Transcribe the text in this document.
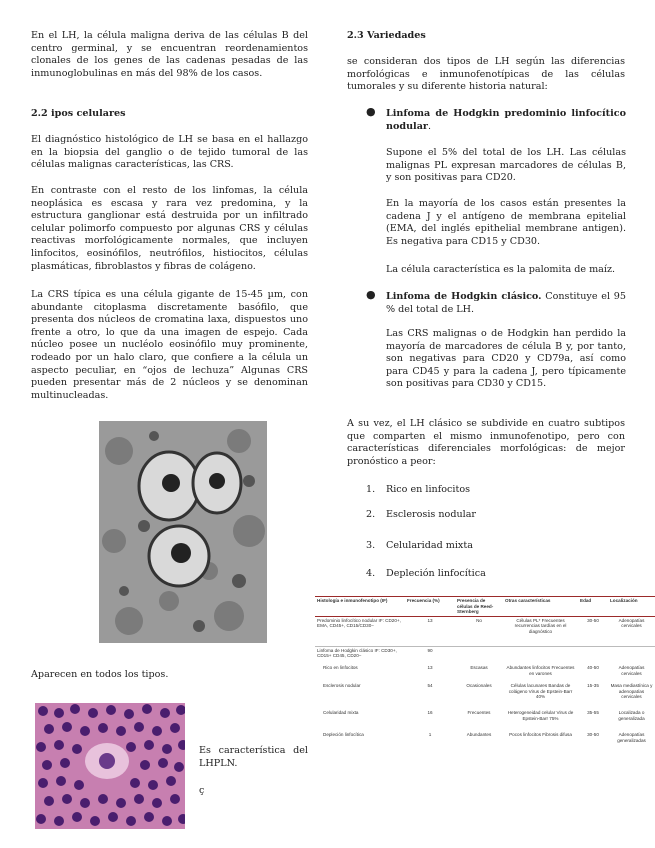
En el LH, la célula maligna deriva de las células B del centro germinal, y se encuentran reordenamientos clonales de los genes de las cadenas pesadas de las inmunoglobulinas en más del 98% de los casos.

2.2 ipos celulares

El diagnóstico histológico de LH se basa en el hallazgo en la biopsia del ganglio o de tejido tumoral de las células malignas características, las CRS.

En contraste con el resto de los linfomas, la célula neoplásica es escasa y rara vez predomina, y la estructura ganglionar está destruida por un infiltrado celular polimorfo compuesto por algunas CRS y células reactivas morfológicamente normales, que incluyen linfocitos, eosinófilos, neutrófilos, histiocitos, células plasmáticas, fibroblastos y fibras de colágeno.

La CRS típica es una célula gigante de 15-45 µm, con abundante citoplasma discretamente basófilo, que presenta dos núcleos de cromatina laxa, dispuestos uno frente a otro, lo que da una imagen de espejo. Cada núcleo posee un nucléolo eosinófilo muy prominente, rodeado por un halo claro, que confiere a la célula un aspecto peculiar, en “ojos de lechuza” Algunas CRS pueden presentar más de 2 núcleos y se denominan multinucleadas.

Aparecen en todos los tipos.

Es característica del LHPLN.

ç

2.3 Variedades

se consideran dos tipos de LH según las diferencias morfológicas e inmunofenotípicas de las células tumorales y su diferente historia natural:

● Linfoma de Hodgkin predominio linfocítico nodular.

Supone el 5% del total de los LH. Las células malignas PL expresan marcadores de células B, y son positivas para CD20.

En la mayoría de los casos están presentes la cadena J y el antígeno de membrana epitelial (EMA, del inglés epithelial membrane antigen). Es negativa para CD15 y CD30.

La célula característica es la palomita de maíz.

● Linfoma de Hodgkin clásico. Constituye el 95 % del total de LH.

Las CRS malignas o de Hodgkin han perdido la mayoría de marcadores de célula B y, por tanto, son negativas para CD20 y CD79a, así como para CD45 y para la cadena J, pero típicamente son positivas para CD30 y CD15.

A su vez, el LH clásico se subdivide en cuatro subtipos que comparten el mismo inmunofenotipo, pero con características diferenciales morfológicas: de mejor pronóstico a peor:

1. Rico en linfocitos
2. Esclerosis nodular
3. Celularidad mixta
4. Depleción linfocítica
Histología e inmunofenotipo (IF)	Frecuencia (%)	Presencia de células de Reed-Sternberg	Otras características	Edad	Localización
Predominio linfocítico nodular IF: CD20+, EMA, CD45+, CD15/CD30−	13	No	Células PL* Frecuentes recurrencias tardías en el diagnóstico	30-50	Adenopatías cervicales
Linfoma de Hodgkin clásico IF: CD30+, CD15+ CD45, CD20−	90				
Rico en linfocitos	13	Escasas	Abundantes linfocitos Frecuentes en varones	40-50	Adenopatías cervicales
Esclerosis nodular	54	Ocasionales	Células lacunares Bandas de colágeno Virus de Epstein-Barr 40%	15-35	Masa mediastínica y adenopatías cervicales
Celularidad mixta	16	Frecuentes	Heterogeneidad celular Virus de Epstein-Barr 75%	35-55	Localizada o generalizada
Depleción linfocítica	1	Abundantes	Pocos linfocitos Fibrosis difusa	30-50	Adenopatías generalizadas
